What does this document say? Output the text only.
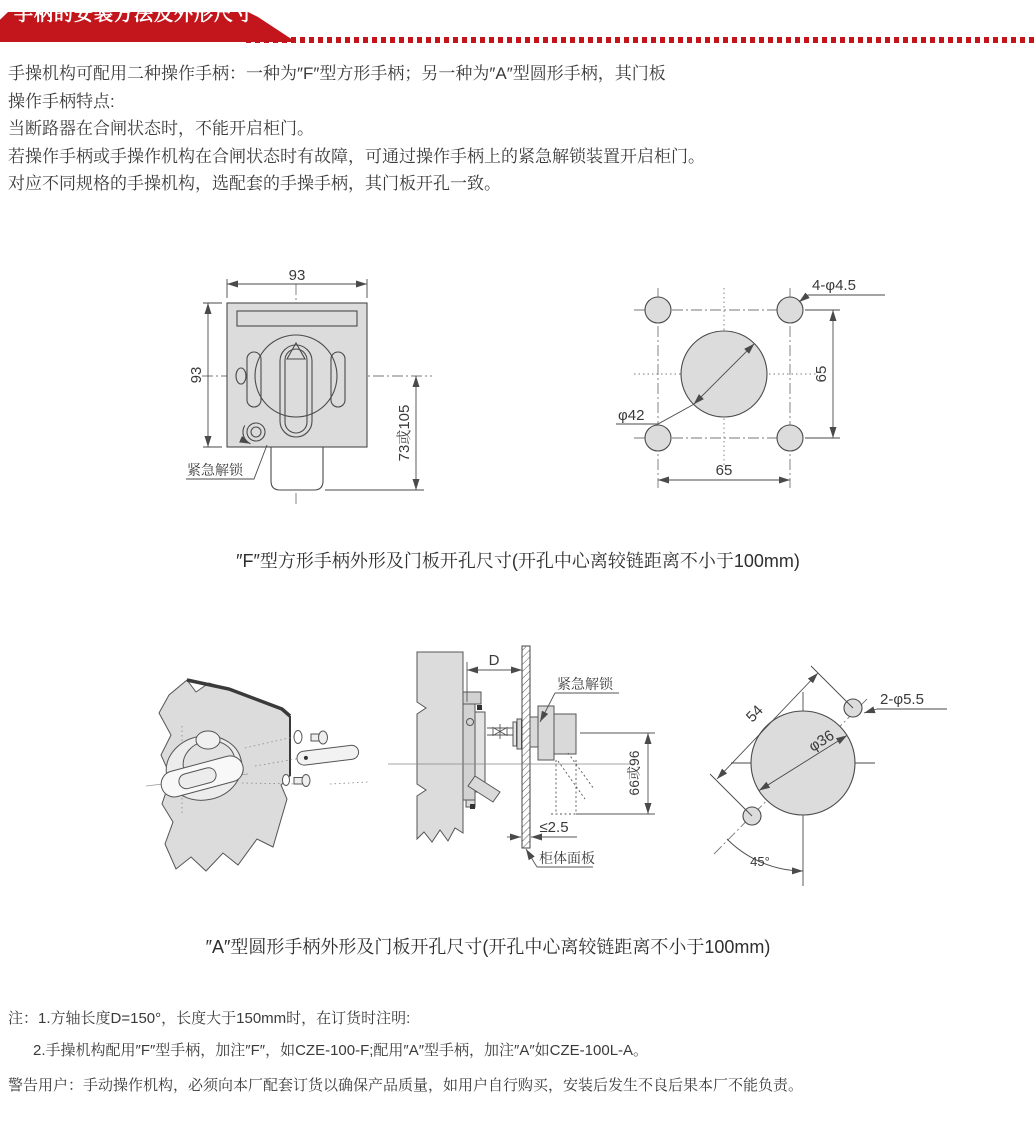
手柄的安装方法及外形尺寸

手操机构可配用二种操作手柄：一种为″F″型方形手柄；另一种为″A″型圆形手柄，其门板

操作手柄特点:

当断路器在合闸状态时，不能开启柜门。

若操作手柄或手操作机构在合闸状态时有故障，可通过操作手柄上的紧急解锁装置开启柜门。

对应不同规格的手操机构，选配套的手操手柄，其门板开孔一致。

93
93
73或105
紧急解锁
φ42
4-φ4.5
65
65
″F″型方形手柄外形及门板开孔尺寸(开孔中心离较链距离不小于100mm)
D
紧急解锁
66或96
≤2.5
柜体面板
φ36
54
2-φ5.5
45°
″A″型圆形手柄外形及门板开孔尺寸(开孔中心离较链距离不小于100mm)
注：1.方轴长度D=150°，长度大于150mm时，在订货时注明:
2.手操机构配用″F″型手柄，加注″F″，如CZE-100-F;配用″A″型手柄，加注″A″如CZE-100L-A。
警告用户：手动操作机构，必须向本厂配套订货以确保产品质量，如用户自行购买，安装后发生不良后果本厂不能负责。
